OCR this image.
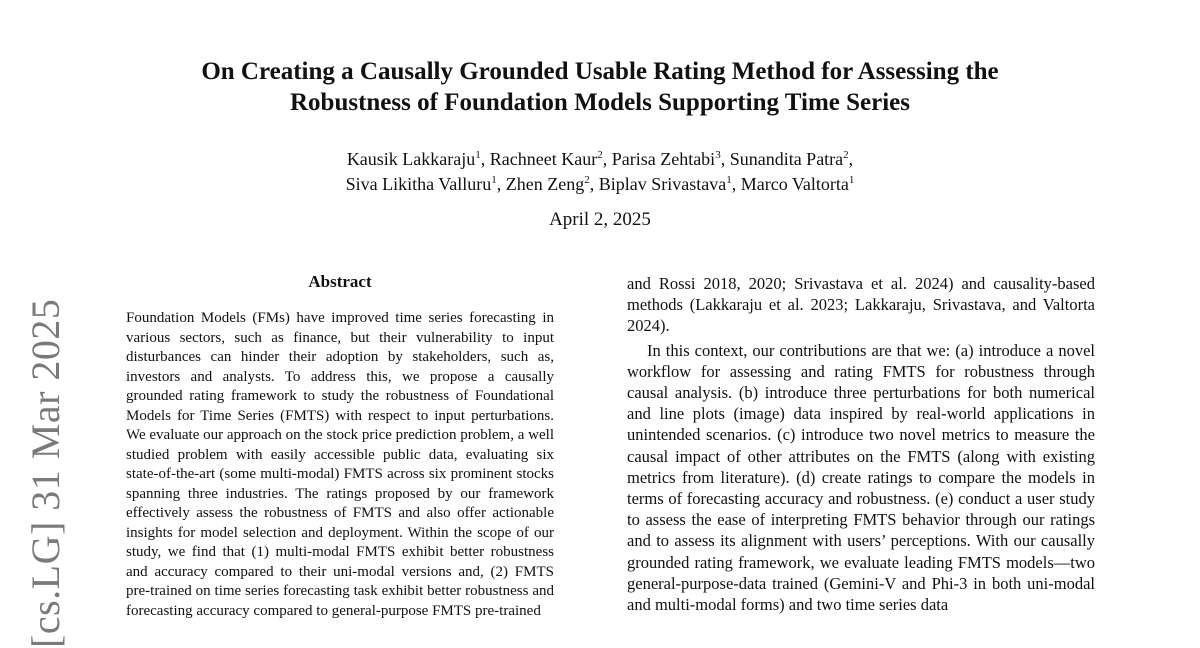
On Creating a Causally Grounded Usable Rating Method for Assessing the
Robustness of Foundation Models Supporting Time Series
Kausik Lakkaraju$^1$, Rachneet Kaur$^2$, Parisa Zehtabi$^3$, Sunandita Patra$^2$,
Siva Likitha Valluru$^1$, Zhen Zeng$^2$, Biplav Srivastava$^1$, Marco Valtorta$^1$
April 2, 2025
[cs.LG] 31 Mar 2025
Abstract

Foundation Models (FMs) have improved time series forecasting in various sectors, such as finance, but their vulnerability to input disturbances can hinder their adoption by stakeholders, such as, investors and analysts. To address this, we propose a causally grounded rating framework to study the robustness of Foundational Models for Time Series (FMTS) with respect to input perturbations. We evaluate our approach on the stock price prediction problem, a well studied problem with easily accessible public data, evaluating six state-of-the-art (some multi-modal) FMTS across six prominent stocks spanning three industries. The ratings proposed by our framework effectively assess the robustness of FMTS and also offer actionable insights for model selection and deployment. Within the scope of our study, we find that (1) multi-modal FMTS exhibit better robustness and accuracy compared to their uni-modal versions and, (2) FMTS pre-trained on time series forecasting task exhibit better robustness and forecasting accuracy compared to general-purpose FMTS pre-trained

and Rossi 2018, 2020; Srivastava et al. 2024) and causality-based methods (Lakkaraju et al. 2023; Lakkaraju, Srivastava, and Valtorta 2024).

In this context, our contributions are that we: (a) introduce a novel workflow for assessing and rating FMTS for robustness through causal analysis. (b) introduce three perturbations for both numerical and line plots (image) data inspired by real-world applications in unintended scenarios. (c) introduce two novel metrics to measure the causal impact of other attributes on the FMTS (along with existing metrics from literature). (d) create ratings to compare the models in terms of forecasting accuracy and robustness. (e) conduct a user study to assess the ease of interpreting FMTS behavior through our ratings and to assess its alignment with users’ perceptions. With our causally grounded rating framework, we evaluate leading FMTS models—two general-purpose-data trained (Gemini-V and Phi-3 in both uni-modal and multi-modal forms) and two time series data
